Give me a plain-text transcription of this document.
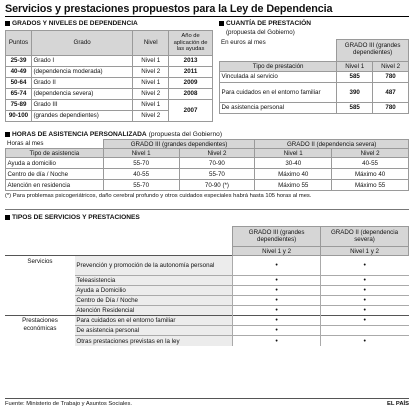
Servicios y prestaciones propuestos para la Ley de Dependencia
GRADOS Y NIVELES DE DEPENDENCIA
Puntos	Grado	Nivel	Año de aplicación de las ayudas
25-39	Grado I	Nivel 1	2013
40-49	(dependencia moderada)	Nivel 2	2011
50-64	Grado II	Nivel 1	2009
65-74	(dependencia severa)	Nivel 2	2008
75-89	Grado III	Nivel 1	2007
90-100	(grandes dependientes)	Nivel 2	
CUANTÍA DE PRESTACIÓN
(propuesta del Gobierno)
En euros al mes	GRADO III (grandes dependientes)	
Tipo de prestación	Nivel 1	Nivel 2
Vinculada al servicio	585	780
Para cuidados en el entorno familiar	390	487
De asistencia personal	585	780
HORAS DE ASISTENCIA PERSONALIZADA (propuesta del Gobierno)
Horas al mes	GRADO III (grandes dependientes)		GRADO II (dependencia severa)	
Tipo de asistencia	Nivel 1	Nivel 2	Nivel 1	Nivel 2
Ayuda a domicilio	55-70	70-90	30-40	40-55
Centro de día / Noche	40-55	55-70	Máximo 40	Máximo 40
Atención en residencia	55-70	70-90 (*)	Máximo 55	Máximo 55
(*) Para problemas psicogeriátricos, daño cerebral profundo y otros cuidados especiales habrá hasta 105 horas al mes.
TIPOS DE SERVICIOS Y PRESTACIONES
		GRADO III (grandes dependientes)	GRADO II (dependencia severa)
		Nivel 1 y 2	Nivel 1 y 2
Servicios	Prevención y promoción de la autonomía personal	•	•
	Teleasistencia	•	•
	Ayuda a Domicilio	•	•
	Centro de Día / Noche	•	•
	Atención Residencial	•	•
Prestaciones económicas	Para cuidados en el entorno familiar	•	•
	De asistencia personal	•	
	Otras prestaciones previstas en la ley	•	•
Fuente: Ministerio de Trabajo y Asuntos Sociales.	EL PAÍS
